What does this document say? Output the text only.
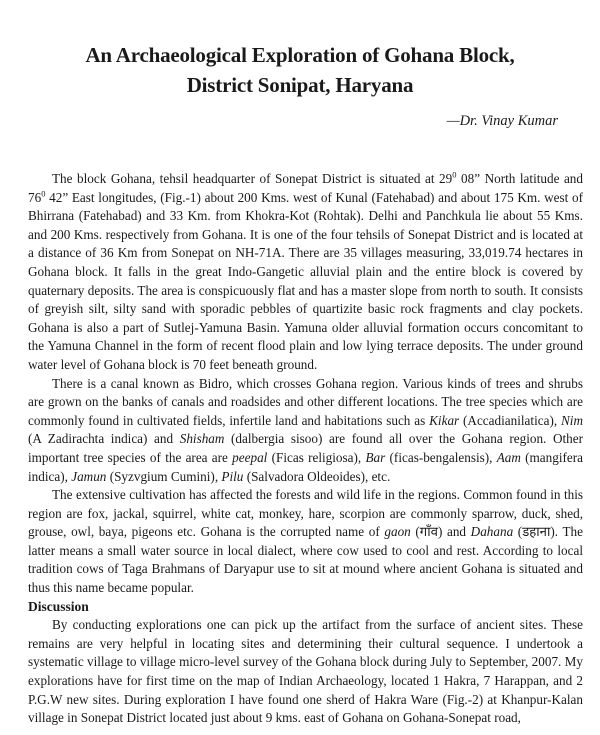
An Archaeological Exploration of Gohana Block,
District Sonipat, Haryana
—Dr. Vinay Kumar

The block Gohana, tehsil headquarter of Sonepat District is situated at $29^0$ 08” North latitude and $76^0$ 42” East longitudes, (Fig.-1) about 200 Kms. west of Kunal (Fatehabad) and about 175 Km. west of Bhirrana (Fatehabad) and 33 Km. from Khokra-Kot (Rohtak). Delhi and Panchkula lie about 55 Kms. and 200 Kms. respectively from Gohana. It is one of the four tehsils of Sonepat District and is located at a distance of 36 Km from Sonepat on NH-71A. There are 35 villages measuring, 33,019.74 hectares in Gohana block. It falls in the great Indo-Gangetic alluvial plain and the entire block is covered by quaternary deposits. The area is conspicuously flat and has a master slope from north to south. It consists of greyish silt, silty sand with sporadic pebbles of quartizite basic rock fragments and clay pockets. Gohana is also a part of Sutlej-Yamuna Basin. Yamuna older alluvial formation occurs concomitant to the Yamuna Channel in the form of recent flood plain and low lying terrace deposits. The under ground water level of Gohana block is 70 feet beneath ground.

There is a canal known as Bidro, which crosses Gohana region. Various kinds of trees and shrubs are grown on the banks of canals and roadsides and other different locations. The tree species which are commonly found in cultivated fields, infertile land and habitations such as Kikar (Accadianilatica), Nim (A Zadirachta indica) and Shisham (dalbergia sisoo) are found all over the Gohana region. Other important tree species of the area are peepal (Ficas religiosa), Bar (ficas-bengalensis), Aam (mangifera indica), Jamun (Syzvgium Cumini), Pilu (Salvadora Oldeoides), etc.

The extensive cultivation has affected the forests and wild life in the regions. Common found in this region are fox, jackal, squirrel, white cat, monkey, hare, scorpion are commonly sparrow, duck, shed, grouse, owl, baya, pigeons etc. Gohana is the corrupted name of gaon (गाँव) and Dahana (डहाना). The latter means a small water source in local dialect, where cow used to cool and rest. According to local tradition cows of Taga Brahmans of Daryapur use to sit at mound where ancient Gohana is situated and thus this name became popular.

Discussion

By conducting explorations one can pick up the artifact from the surface of ancient sites. These remains are very helpful in locating sites and determining their cultural sequence. I undertook a systematic village to village micro-level survey of the Gohana block during July to September, 2007. My explorations have for first time on the map of Indian Archaeology, located 1 Hakra, 7 Harappan, and 2 P.G.W new sites. During exploration I have found one sherd of Hakra Ware (Fig.-2) at Khanpur-Kalan village in Sonepat District located just about 9 kms. east of Gohana on Gohana-Sonepat road,
